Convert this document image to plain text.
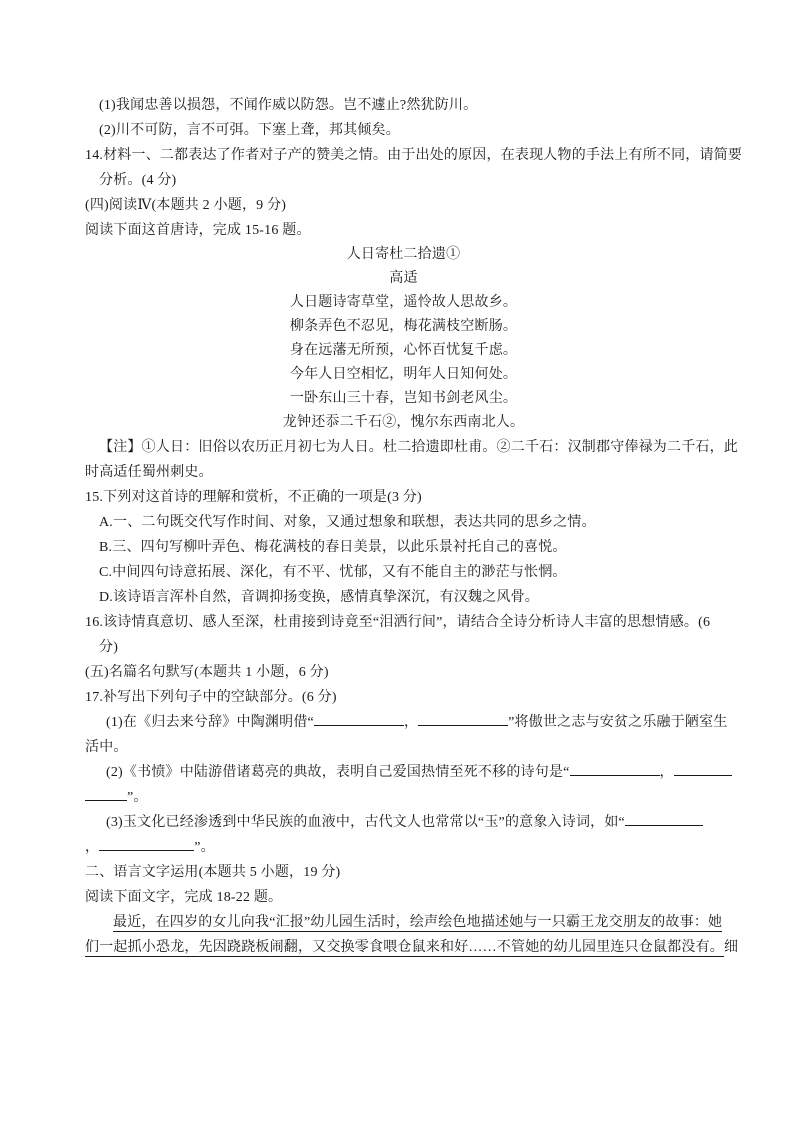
(1)我闻忠善以损怨，不闻作威以防怨。岂不遽止?然犹防川。

(2)川不可防，言不可弭。下塞上聋，邦其倾矣。

14.材料一、二都表达了作者对子产的赞美之情。由于出处的原因，在表现人物的手法上有所不同，请简要

分析。(4 分)

(四)阅读Ⅳ(本题共 2 小题，9 分)

阅读下面这首唐诗，完成 15-16 题。

人日寄杜二拾遗①

高适

人日题诗寄草堂，遥怜故人思故乡。

柳条弄色不忍见，梅花满枝空断肠。

身在远藩无所预，心怀百忧复千虑。

今年人日空相忆，明年人日知何处。

一卧东山三十春，岂知书剑老风尘。

龙钟还忝二千石②，愧尔东西南北人。

【注】①人日：旧俗以农历正月初七为人日。杜二拾遗即杜甫。②二千石：汉制郡守俸禄为二千石，此

时高适任蜀州刺史。

15.下列对这首诗的理解和赏析，不正确的一项是(3 分)

A.一、二句既交代写作时间、对象，又通过想象和联想，表达共同的思乡之情。

B.三、四句写柳叶弄色、梅花满枝的春日美景，以此乐景衬托自己的喜悦。

C.中间四句诗意拓展、深化，有不平、忧郁，又有不能自主的渺茫与怅惘。

D.该诗语言浑朴自然，音调抑扬变换，感情真挚深沉，有汉魏之风骨。

16.该诗情真意切、感人至深，杜甫接到诗竟至“泪洒行间”，请结合全诗分析诗人丰富的思想情感。(6

分)

(五)名篇名句默写(本题共 1 小题，6 分)

17.补写出下列句子中的空缺部分。(6 分)

(1)在《归去来兮辞》中陶渊明借“	，	”将傲世之志与安贫之乐融于陋室生

活中。

(2)《书愤》中陆游借诸葛亮的典故，表明自己爱国热情至死不移的诗句是“	，

”。

(3)玉文化已经渗透到中华民族的血液中，古代文人也常常以“玉”的意象入诗词，如“

，	”。

二、语言文字运用(本题共 5 小题，19 分)

阅读下面文字，完成 18-22 题。

最近，在四岁的女儿向我“汇报”幼儿园生活时，绘声绘色地描述她与一只霸王龙交朋友的故事：她

们一起抓小恐龙，先因跷跷板闹翻，又交换零食喂仓鼠来和好……不管她的幼儿园里连只仓鼠都没有。细
